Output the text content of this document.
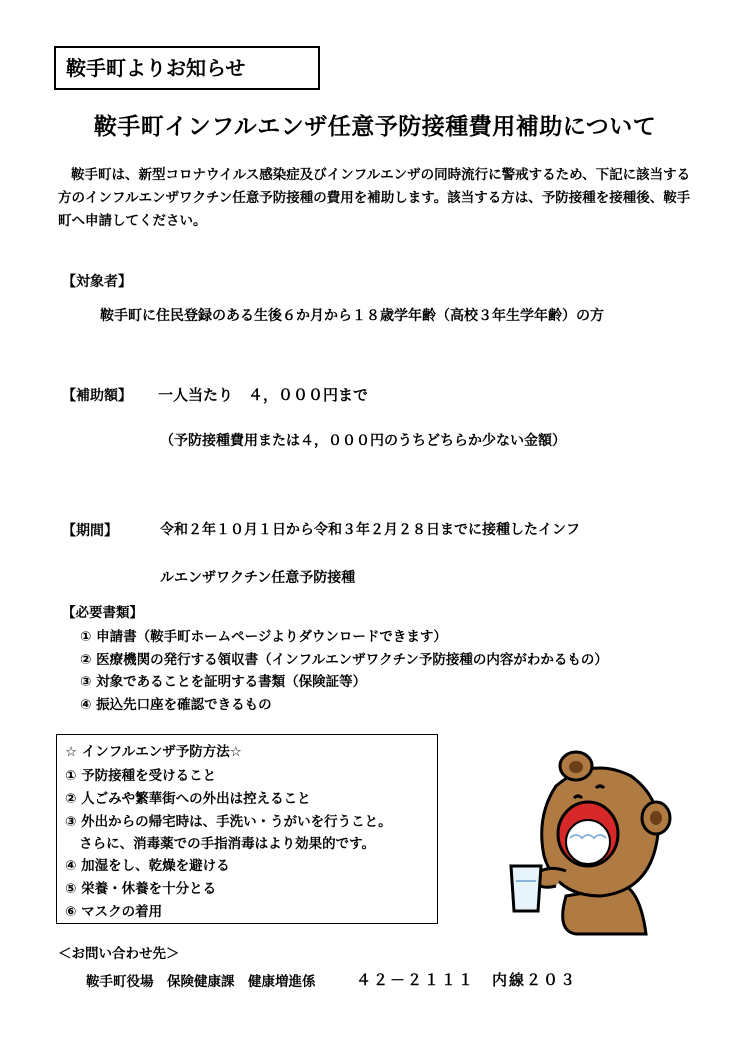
鞍手町よりお知らせ
鞍手町インフルエンザ任意予防接種費用補助について
鞍手町は、新型コロナウイルス感染症及びインフルエンザの同時流行に警戒するため、下記に該当する方のインフルエンザワクチン任意予防接種の費用を補助します。該当する方は、予防接種を接種後、鞍手町へ申請してください。
【対象者】
鞍手町に住民登録のある生後６か月から１８歳学年齢（高校３年生学年齢）の方
【補助額】 一人当たり　４，０００円まで
（予防接種費用または４，０００円のうちどちらか少ない金額）
【期間】	令和２年１０月１日から令和３年２月２８日までに接種したインフ
ルエンザワクチン任意予防接種
【必要書類】
① 申請書（鞍手町ホームページよりダウンロードできます）
② 医療機関の発行する領収書（インフルエンザワクチン予防接種の内容がわかるもの）
③ 対象であることを証明する書類（保険証等）
④ 振込先口座を確認できるもの
☆ インフルエンザ予防方法☆
① 予防接種を受けること
② 人ごみや繁華街への外出は控えること
③ 外出からの帰宅時は、手洗い・うがいを行うこと。
さらに、消毒薬での手指消毒はより効果的です。
④ 加湿をし、乾燥を避ける
⑤ 栄養・休養を十分とる
⑥ マスクの着用
＜お問い合わせ先＞
鞍手町役場　保険健康課　健康増進係	４２－２１１１　内線２０３
